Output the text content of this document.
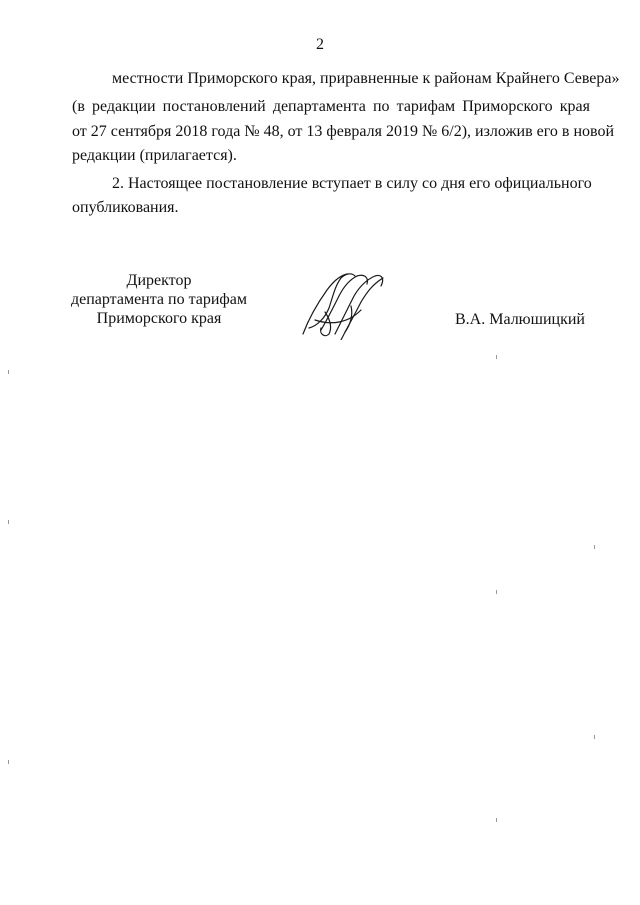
2
местности Приморского края, приравненные к районам Крайнего Севера»
(в редакции постановлений департамента по тарифам Приморского края
от 27 сентября 2018 года № 48, от 13 февраля 2019 № 6/2), изложив его в новой
редакции (прилагается).
2. Настоящее постановление вступает в силу со дня его официального
опубликования.
Директор
департамента по тарифам
Приморского края	В.А. Малюшицкий
